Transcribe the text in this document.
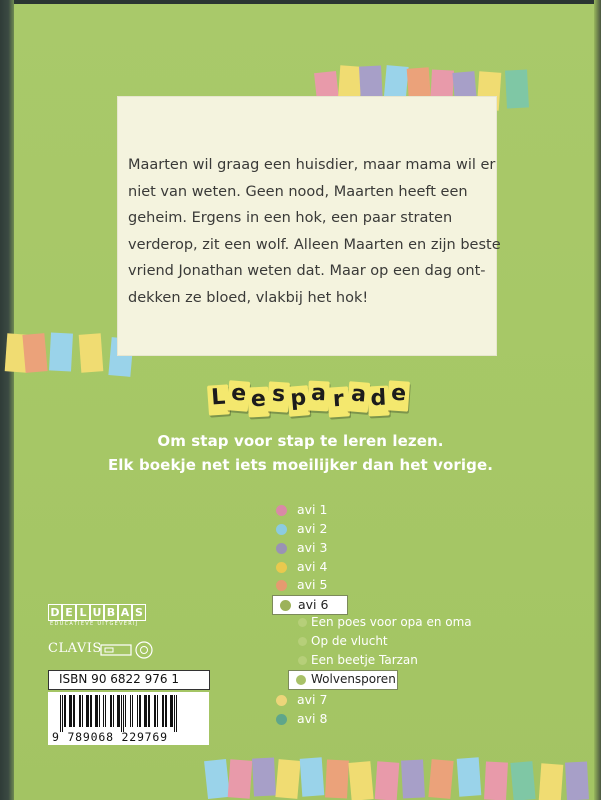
Maarten wil graag een huisdier, maar mama wil er
niet van weten. Geen nood, Maarten heeft een
geheim. Ergens in een hok, een paar straten
verderop, zit een wolf. Alleen Maarten en zijn beste
vriend Jonathan weten dat. Maar op een dag ont-
dekken ze bloed, vlakbij het hok!

L e e s p a r a d e
Om stap voor stap te leren lezen.
Elk boekje net iets moeilijker dan het vorige.
avi 1
avi 2
avi 3
avi 4
avi 5
avi 6
Een poes voor opa en oma
Op de vlucht
Een beetje Tarzan
Wolvensporen
avi 7
avi 8
D E L U B A S
EDUCATIEVE UITGEVERIJ
CLAVIS
ISBN 90 6822 976 1
9 789068 229769
